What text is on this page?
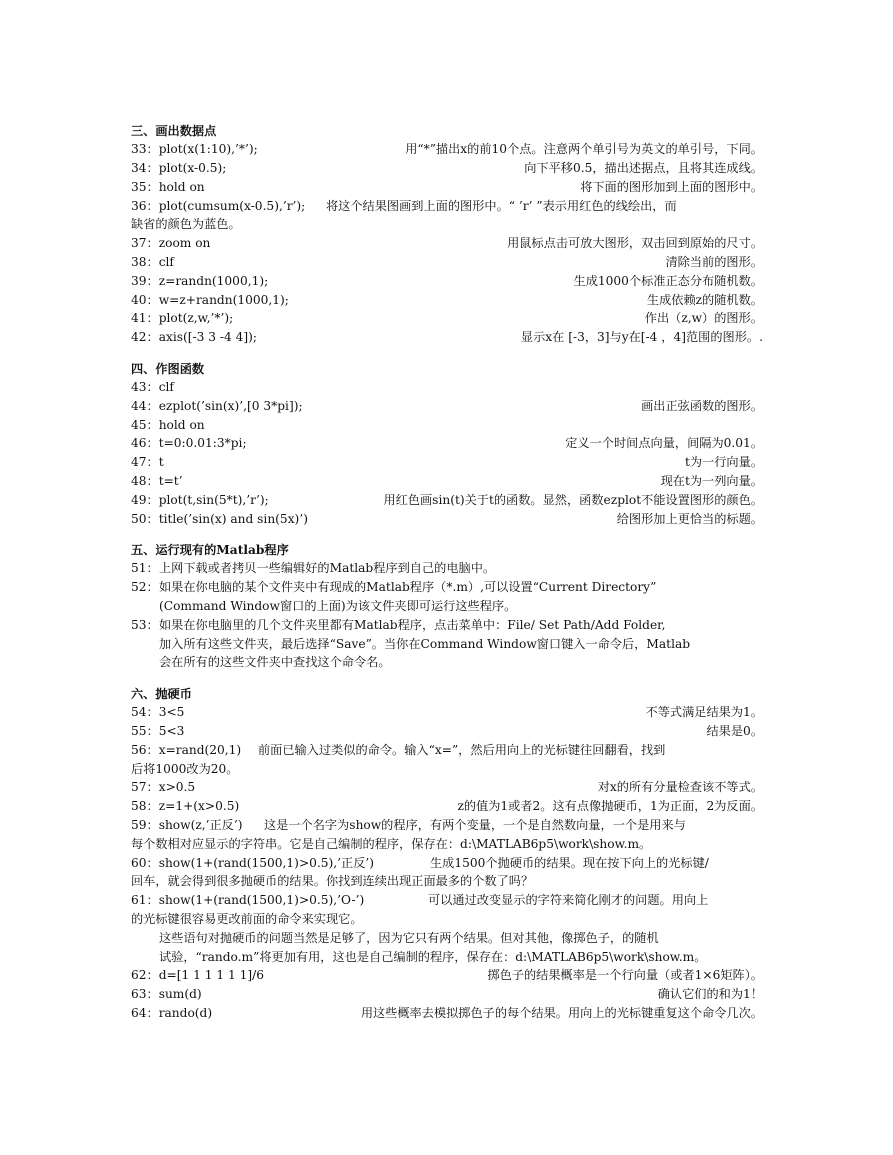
三、画出数据点
33：plot(x(1:10),’*’);	用“*”描出x的前10个点。注意两个单引号为英文的单引号，下同。
34：plot(x-0.5);	向下平移0.5，描出述据点，且将其连成线。
35：hold on	将下面的图形加到上面的图形中。
36：plot(cumsum(x-0.5),’r’);	将这个结果图画到上面的图形中。“ ’r’ ”表示用红色的线绘出，而
缺省的颜色为蓝色。
37：zoom on	用鼠标点击可放大图形，双击回到原始的尺寸。
38：clf	清除当前的图形。
39：z=randn(1000,1);	生成1000个标准正态分布随机数。
40：w=z+randn(1000,1);	生成依赖z的随机数。
41：plot(z,w,’*’);	作出（z,w）的图形。
42：axis([-3 3 -4 4]);	显示x在 [-3，3]与y在[-4 ，4]范围的图形。.
四、作图函数
43：clf
44：ezplot(’sin(x)’,[0 3*pi]);	画出正弦函数的图形。
45：hold on
46：t=0:0.01:3*pi;	定义一个时间点向量，间隔为0.01。
47：t	t为一行向量。
48：t=t’	现在t为一列向量。
49：plot(t,sin(5*t),’r’);	用红色画sin(t)关于t的函数。显然，函数ezplot不能设置图形的颜色。
50：title(’sin(x) and sin(5x)’)	给图形加上更恰当的标题。
五、运行现有的Matlab程序
51： 上网下载或者拷贝一些编辑好的Matlab程序到自己的电脑中。
52： 如果在你电脑的某个文件夹中有现成的Matlab程序（*.m）,可以设置“Current Directory”
(Command Window窗口的上面)为该文件夹即可运行这些程序。
53： 如果在你电脑里的几个文件夹里都有Matlab程序，点击菜单中：File/ Set Path/Add Folder,
加入所有这些文件夹，最后选择“Save”。当你在Command Window窗口键入一命令后，Matlab
会在所有的这些文件夹中查找这个命令名。
六、抛硬币
54：3<5	不等式满足结果为1。
55：5<3	结果是0。
56：x=rand(20,1)	前面已输入过类似的命令。输入“x=”，然后用向上的光标键往回翻看，找到
后将1000改为20。
57：x>0.5	对x的所有分量检查该不等式。
58：z=1+(x>0.5)	z的值为1或者2。这有点像抛硬币，1为正面，2为反面。
59：show(z,’正反’)	这是一个名字为show的程序，有两个变量，一个是自然数向量，一个是用来与
每个数相对应显示的字符串。它是自己编制的程序，保存在：d:\MATLAB6p5\work\show.m。
60：show(1+(rand(1500,1)>0.5),’正反’)	生成1500个抛硬币的结果。现在按下向上的光标键/
回车，就会得到很多抛硬币的结果。你找到连续出现正面最多的个数了吗？
61：show(1+(rand(1500,1)>0.5),’O-’)	可以通过改变显示的字符来简化刚才的问题。用向上
的光标键很容易更改前面的命令来实现它。
这些语句对抛硬币的问题当然是足够了，因为它只有两个结果。但对其他，像掷色子，的随机
试验，“rando.m”将更加有用，这也是自己编制的程序，保存在：d:\MATLAB6p5\work\show.m。
62：d=[1 1 1 1 1 1]/6	掷色子的结果概率是一个行向量（或者1×6矩阵）。
63：sum(d)	确认它们的和为1！
64：rando(d)	用这些概率去模拟掷色子的每个结果。用向上的光标键重复这个命令几次。
